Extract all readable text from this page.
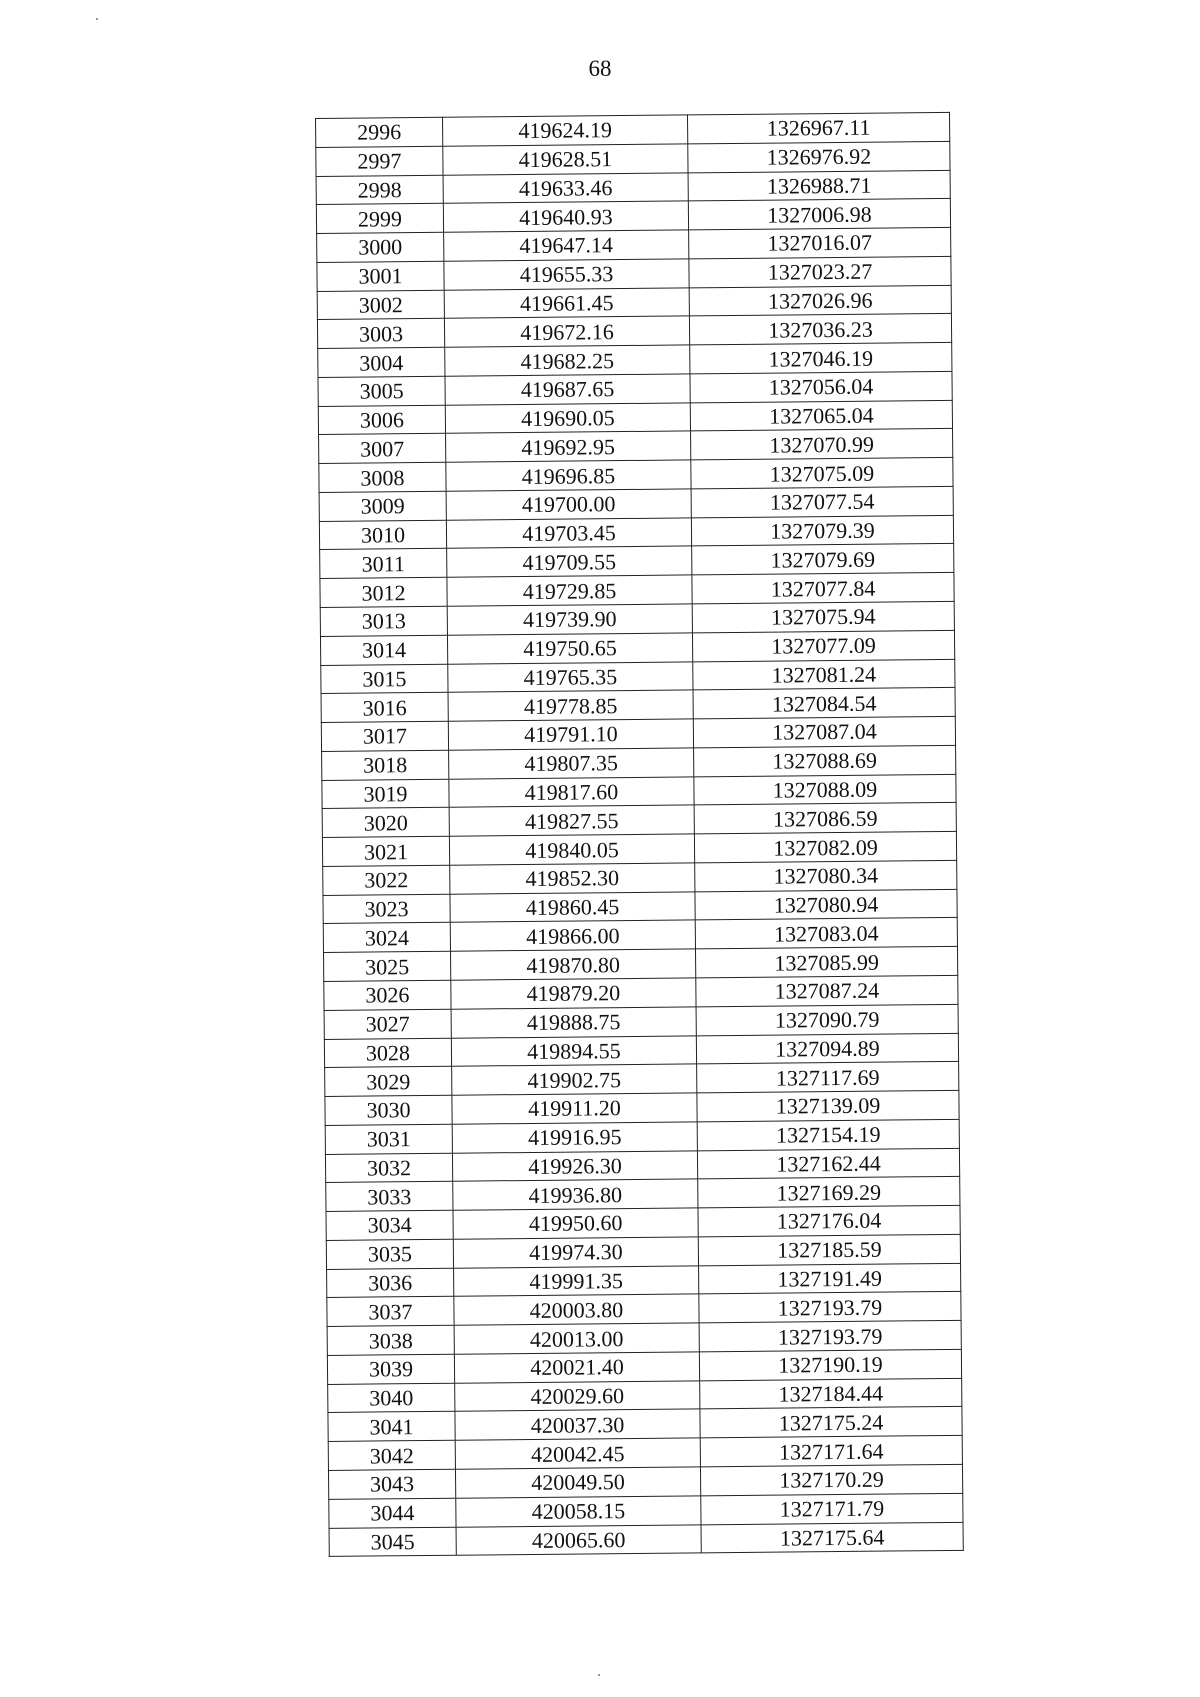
68
2996	419624.19	1326967.11
2997	419628.51	1326976.92
2998	419633.46	1326988.71
2999	419640.93	1327006.98
3000	419647.14	1327016.07
3001	419655.33	1327023.27
3002	419661.45	1327026.96
3003	419672.16	1327036.23
3004	419682.25	1327046.19
3005	419687.65	1327056.04
3006	419690.05	1327065.04
3007	419692.95	1327070.99
3008	419696.85	1327075.09
3009	419700.00	1327077.54
3010	419703.45	1327079.39
3011	419709.55	1327079.69
3012	419729.85	1327077.84
3013	419739.90	1327075.94
3014	419750.65	1327077.09
3015	419765.35	1327081.24
3016	419778.85	1327084.54
3017	419791.10	1327087.04
3018	419807.35	1327088.69
3019	419817.60	1327088.09
3020	419827.55	1327086.59
3021	419840.05	1327082.09
3022	419852.30	1327080.34
3023	419860.45	1327080.94
3024	419866.00	1327083.04
3025	419870.80	1327085.99
3026	419879.20	1327087.24
3027	419888.75	1327090.79
3028	419894.55	1327094.89
3029	419902.75	1327117.69
3030	419911.20	1327139.09
3031	419916.95	1327154.19
3032	419926.30	1327162.44
3033	419936.80	1327169.29
3034	419950.60	1327176.04
3035	419974.30	1327185.59
3036	419991.35	1327191.49
3037	420003.80	1327193.79
3038	420013.00	1327193.79
3039	420021.40	1327190.19
3040	420029.60	1327184.44
3041	420037.30	1327175.24
3042	420042.45	1327171.64
3043	420049.50	1327170.29
3044	420058.15	1327171.79
3045	420065.60	1327175.64
